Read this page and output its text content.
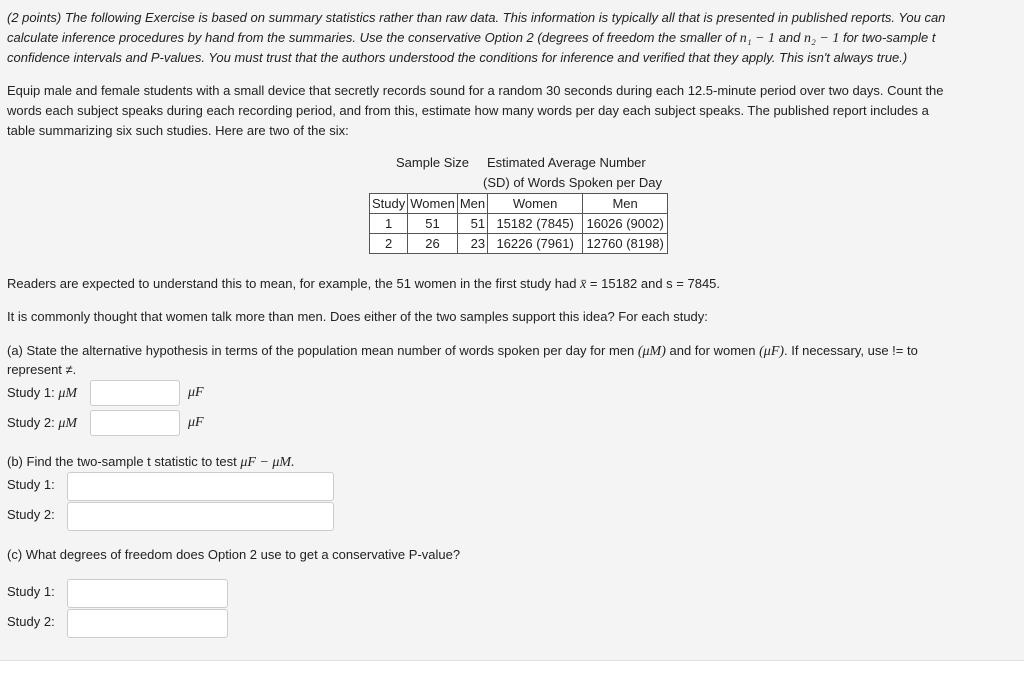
(2 points) The following Exercise is based on summary statistics rather than raw data. This information is typically all that is presented in published reports. You can

calculate inference procedures by hand from the summaries. Use the conservative Option 2 (degrees of freedom the smaller of n₁ − 1 and n₂ − 1 for two-sample t

confidence intervals and P-values. You must trust that the authors understood the conditions for inference and verified that they apply. This isn't always true.)

Equip male and female students with a small device that secretly records sound for a random 30 seconds during each 12.5-minute period over two days. Count the

words each subject speaks during each recording period, and from this, estimate how many words per day each subject speaks. The published report includes a

table summarizing six such studies. Here are two of the six:

Sample Size Estimated Average Number
(SD) of Words Spoken per Day
Study	Women	Men	Women	Men
1	51	51	15182 (7845)	16026 (9002)
2	26	23	16226 (7961)	12760 (8198)

Readers are expected to understand this to mean, for example, the 51 women in the first study had x̄ = 15182 and s = 7845.

It is commonly thought that women talk more than men. Does either of the two samples support this idea? For each study:

(a) State the alternative hypothesis in terms of the population mean number of words spoken per day for men (μM) and for women (μF). If necessary, use != to

represent ≠.

Study 1: μM	μF
Study 2: μM	μF

(b) Find the two-sample t statistic to test μF − μM.

Study 1:
Study 2:

(c) What degrees of freedom does Option 2 use to get a conservative P-value?

Study 1:
Study 2:
